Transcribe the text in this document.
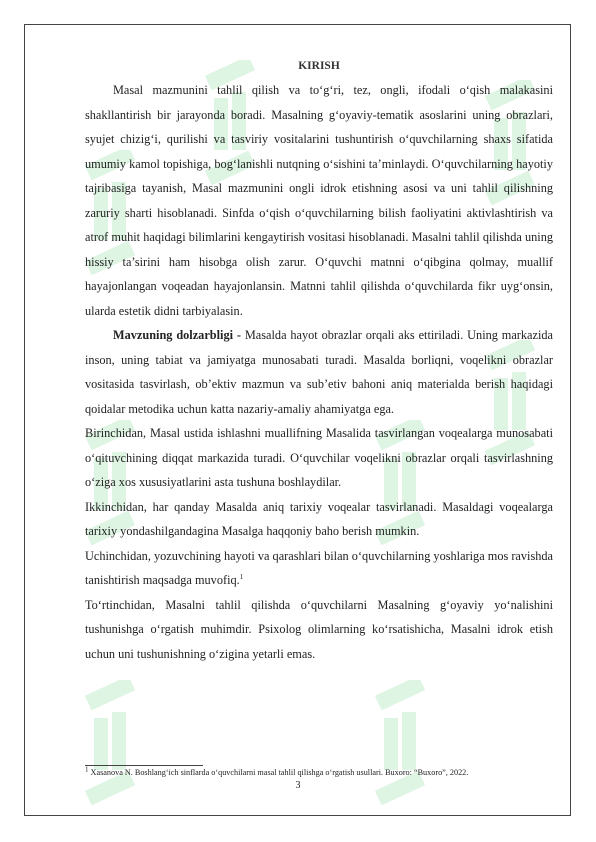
KIRISH

Masal mazmunini tahlil qilish va to‘g‘ri, tez, ongli, ifodali o‘qish malakasini shakllantirish bir jarayonda boradi. Masalning g‘oyaviy-tematik asoslarini uning obrazlari, syujet chizig‘i, qurilishi va tasviriy vositalarini tushuntirish o‘quvchilarning shaxs sifatida umumiy kamol topishiga, bog‘lanishli nutqning o‘sishini ta’minlaydi. O‘quvchilarning hayotiy tajribasiga tayanish, Masal mazmunini ongli idrok etishning asosi va uni tahlil qilishning zaruriy sharti hisoblanadi. Sinfda o‘qish o‘quvchilarning bilish faoliyatini aktivlashtirish va atrof muhit haqidagi bilimlarini kengaytirish vositasi hisoblanadi. Masalni tahlil qilishda uning hissiy ta’sirini ham hisobga olish zarur. O‘quvchi matnni o‘qibgina qolmay, muallif hayajonlangan voqeadan hayajonlansin. Matnni tahlil qilishda o‘quvchilarda fikr uyg‘onsin, ularda estetik didni tarbiyalasin.

Mavzuning dolzarbligi - Masalda hayot obrazlar orqali aks ettiriladi. Uning markazida inson, uning tabiat va jamiyatga munosabati turadi. Masalda borliqni, voqelikni obrazlar vositasida tasvirlash, ob’ektiv mazmun va sub’etiv bahoni aniq materialda berish haqidagi qoidalar metodika uchun katta nazariy-amaliy ahamiyatga ega.

Birinchidan, Masal ustida ishlashni muallifning Masalida tasvirlangan voqealarga munosabati o‘qituvchining diqqat markazida turadi. O‘quvchilar voqelikni obrazlar orqali tasvirlashning o‘ziga xos xususiyatlarini asta tushuna boshlaydilar.

Ikkinchidan, har qanday Masalda aniq tarixiy voqealar tasvirlanadi. Masaldagi voqealarga tarixiy yondashilgandagina Masalga haqqoniy baho berish mumkin.

Uchinchidan, yozuvchining hayoti va qarashlari bilan o‘quvchilarning yoshlariga mos ravishda tanishtirish maqsadga muvofiq.$^1$

To‘rtinchidan, Masalni tahlil qilishda o‘quvchilarni Masalning g‘oyaviy yo‘nalishini tushunishga o‘rgatish muhimdir. Psixolog olimlarning ko‘rsatishicha, Masalni idrok etish uchun uni tushunishning o‘zigina yetarli emas.

$^1$ Xasanova N. Boshlang‘ich sinflarda o‘quvchilarni masal tahlil qilishga o‘rgatish usullari. Buxoro: “Buxoro”, 2022.
3
